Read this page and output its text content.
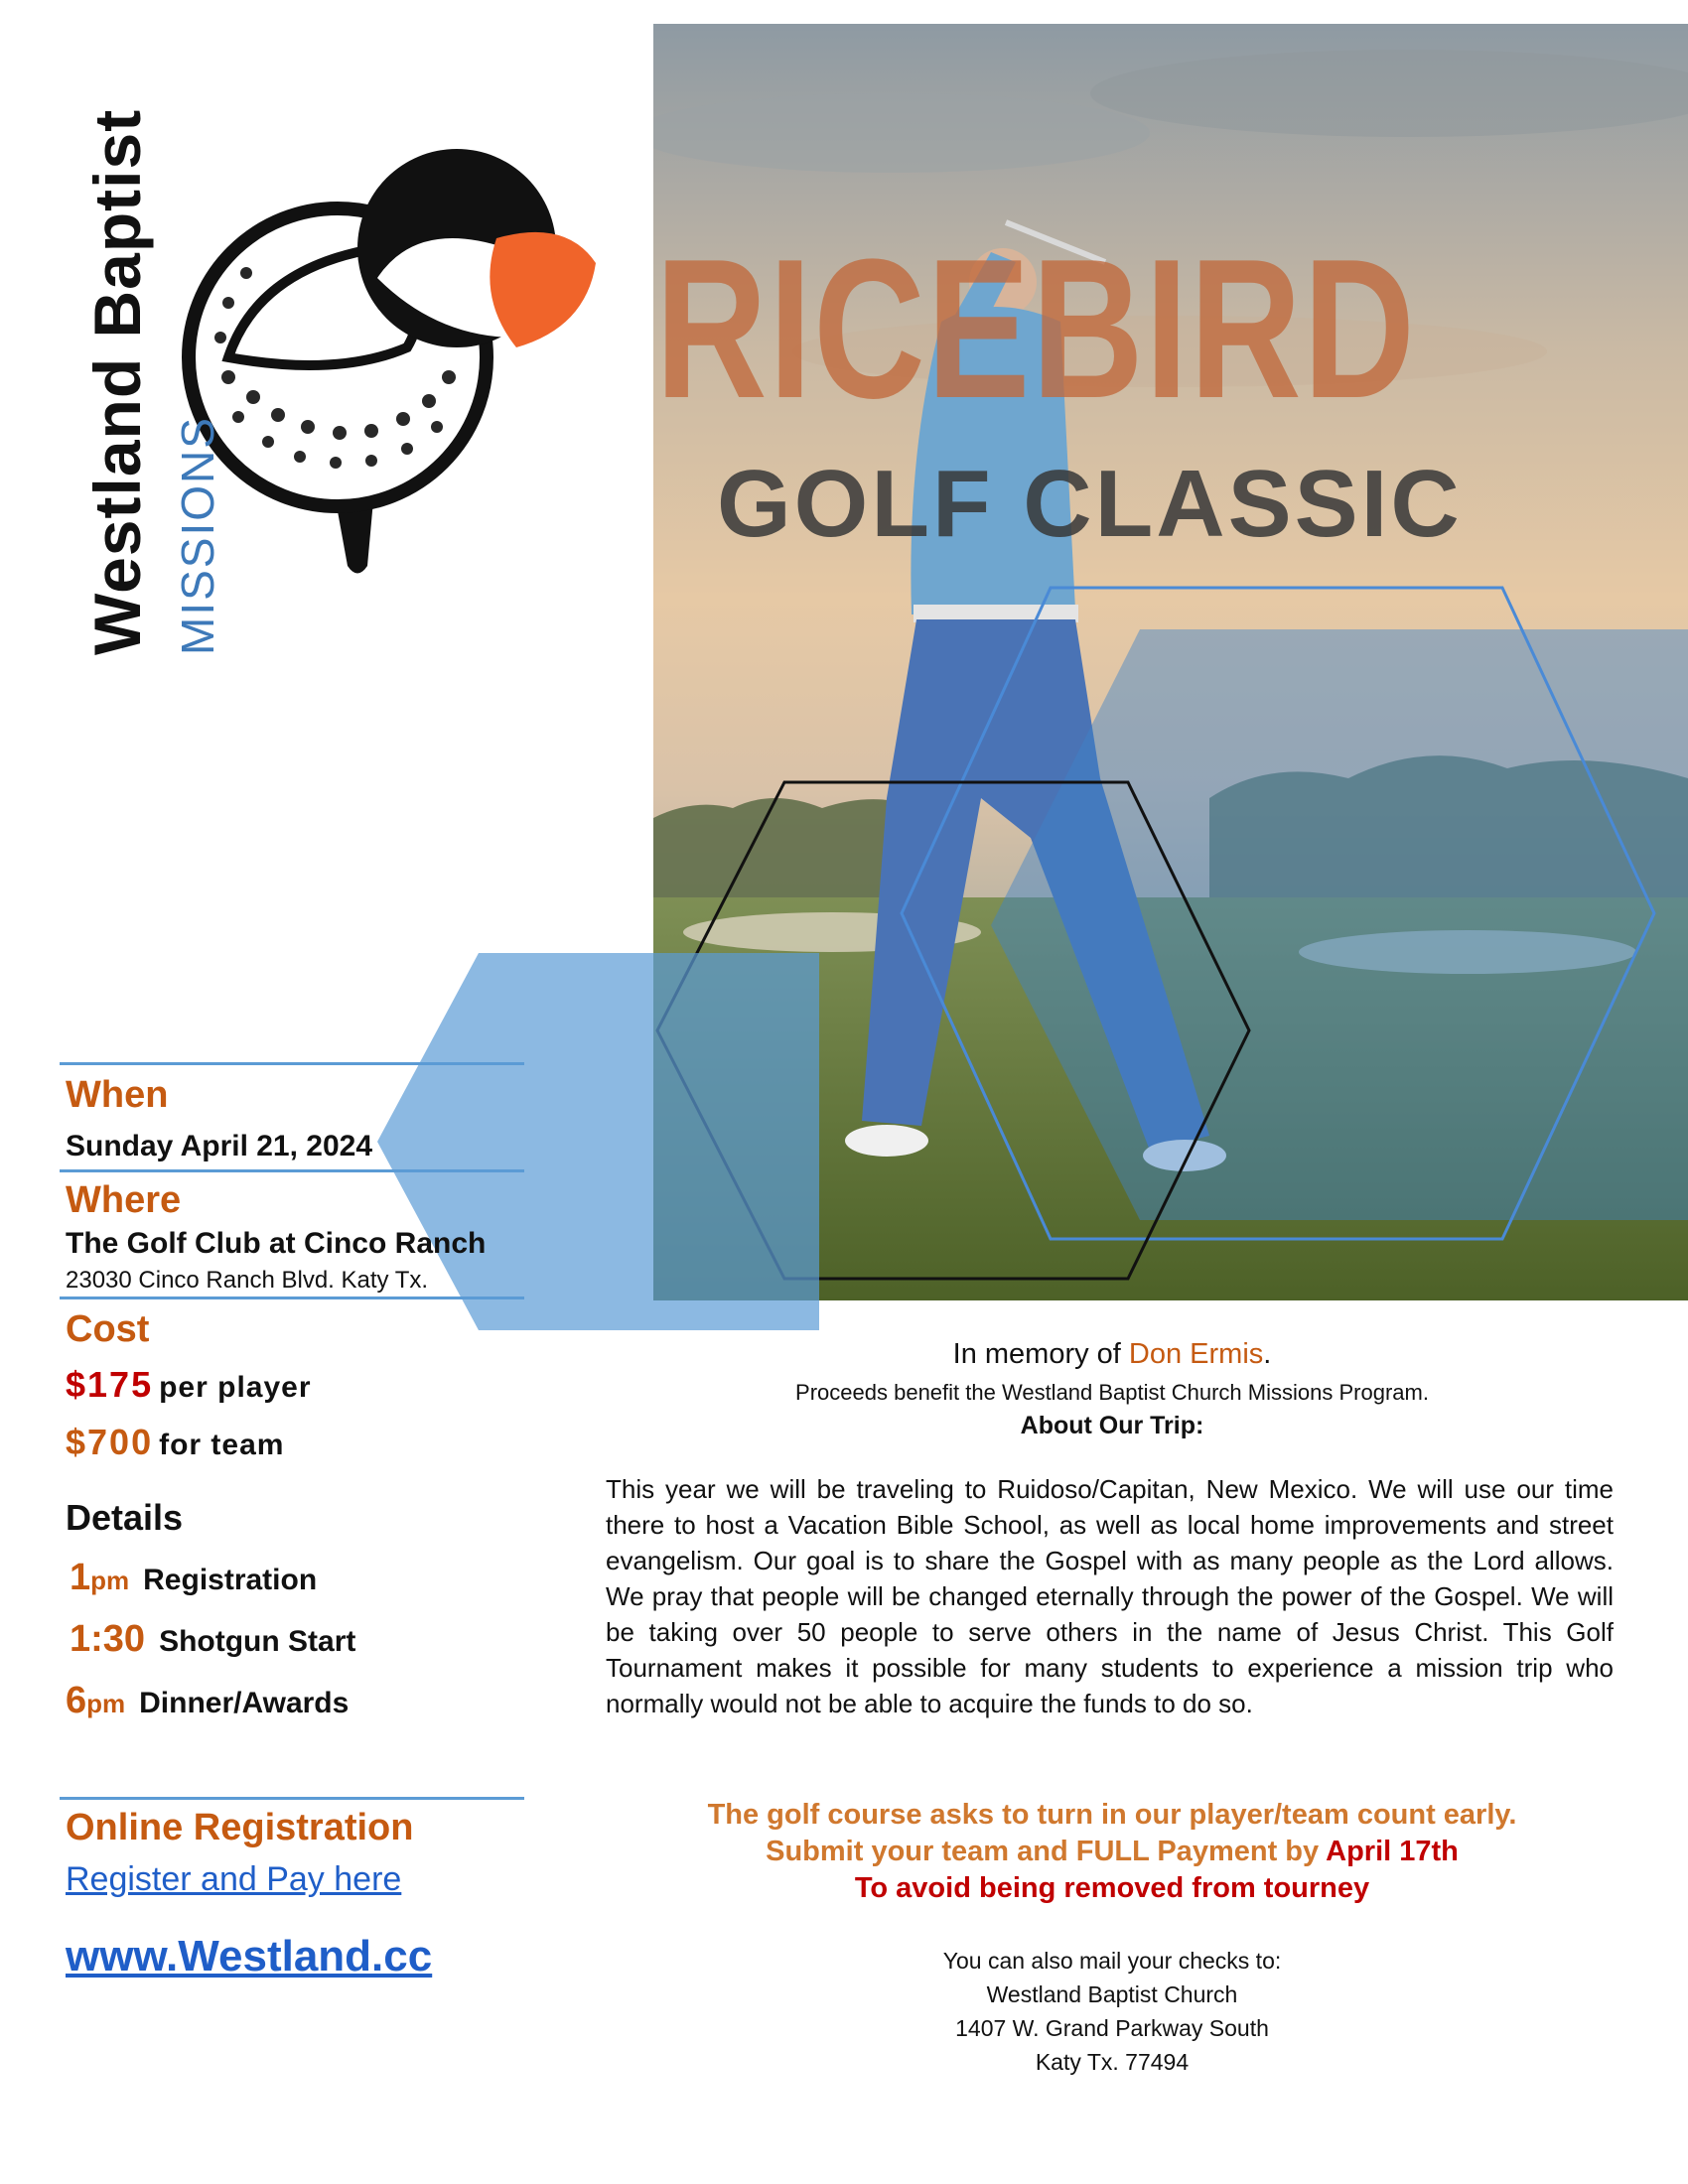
RICEBIRD
GOLF CLASSIC
Westland Baptist MISSIONS
When
Sunday April 21, 2024
Where
The Golf Club at Cinco Ranch
23030 Cinco Ranch Blvd. Katy Tx.
Cost
$175 per player
$700 for team
Details
1pm Registration
1:30 Shotgun Start
6pm Dinner/Awards
Online Registration
Register and Pay here
www.Westland.cc
In memory of Don Ermis.
Proceeds benefit the Westland Baptist Church Missions Program.
About Our Trip:
This year we will be traveling to Ruidoso/Capitan, New Mexico. We will use our time there to host a Vacation Bible School, as well as local home improvements and street evangelism. Our goal is to share the Gospel with as many people as the Lord allows. We pray that people will be changed eternally through the power of the Gospel. We will be taking over 50 people to serve others in the name of Jesus Christ. This Golf Tournament makes it possible for many students to experience a mission trip who normally would not be able to acquire the funds to do so.
The golf course asks to turn in our player/team count early.
Submit your team and FULL Payment by April 17th
To avoid being removed from tourney
You can also mail your checks to:
Westland Baptist Church
1407 W. Grand Parkway South
Katy Tx. 77494
